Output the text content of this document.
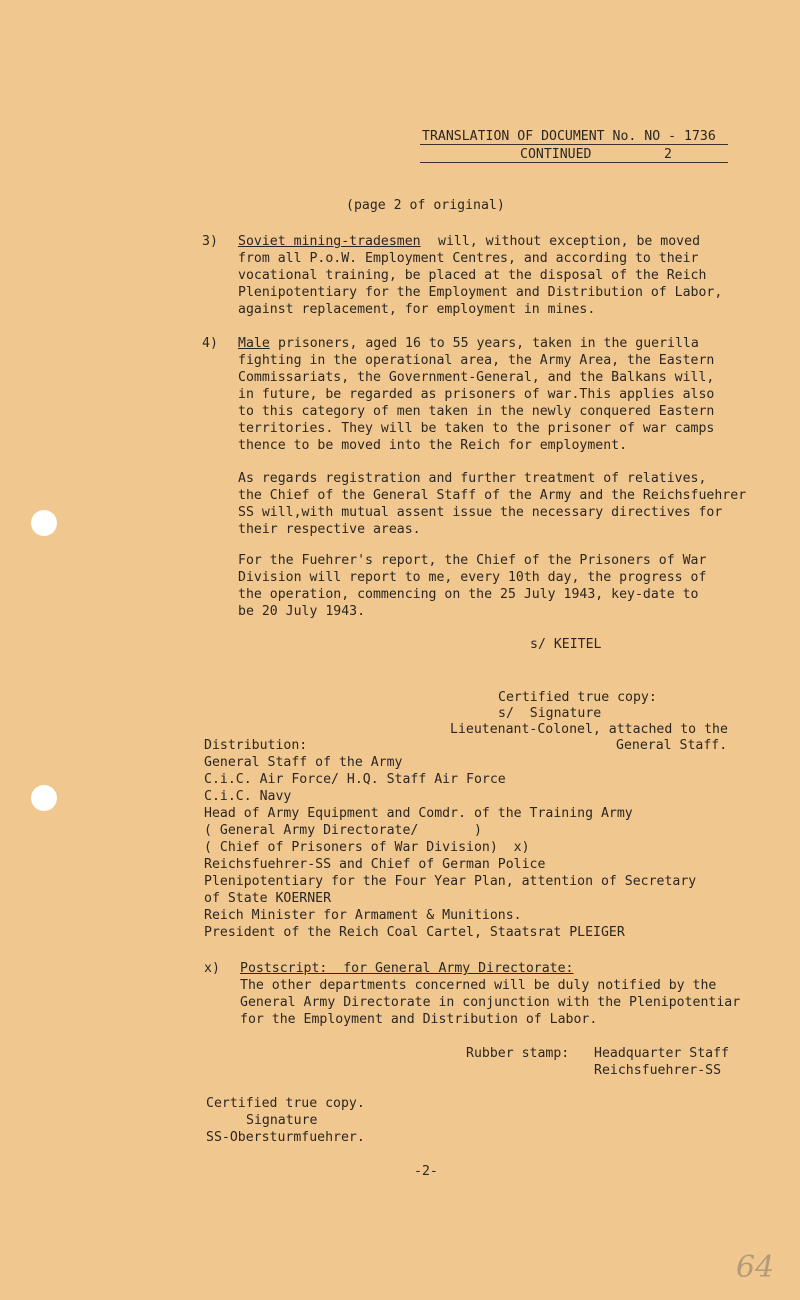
TRANSLATION OF DOCUMENT No. NO - 1736
CONTINUED	2
(page 2 of original)
3) Soviet mining-tradesmen will, without exception, be moved
from all P.o.W. Employment Centres, and according to their
vocational training, be placed at the disposal of the Reich
Plenipotentiary for the Employment and Distribution of Labor,
against replacement, for employment in mines.
4) Male prisoners, aged 16 to 55 years, taken in the guerilla
fighting in the operational area, the Army Area, the Eastern
Commissariats, the Government-General, and the Balkans will,
in future, be regarded as prisoners of war.This applies also
to this category of men taken in the newly conquered Eastern
territories. They will be taken to the prisoner of war camps
thence to be moved into the Reich for employment.
As regards registration and further treatment of relatives,
the Chief of the General Staff of the Army and the Reichsfuehrer
SS will,with mutual assent issue the necessary directives for
their respective areas.
For the Fuehrer's report, the Chief of the Prisoners of War
Division will report to me, every 10th day, the progress of
the operation, commencing on the 25 July 1943, key-date to
be 20 July 1943.
s/ KEITEL
Certified true copy:
s/  Signature
Lieutenant-Colonel, attached to the
General Staff.
Distribution:
General Staff of the Army
C.i.C. Air Force/ H.Q. Staff Air Force
C.i.C. Navy
Head of Army Equipment and Comdr. of the Training Army
( General Army Directorate/       )
( Chief of Prisoners of War Division)  x)
Reichsfuehrer-SS and Chief of German Police
Plenipotentiary for the Four Year Plan, attention of Secretary
of State KOERNER
Reich Minister for Armament & Munitions.
President of the Reich Coal Cartel, Staatsrat PLEIGER
x) Postscript:  for General Army Directorate:
The other departments concerned will be duly notified by the
General Army Directorate in conjunction with the Plenipotentiar
for the Employment and Distribution of Labor.
Rubber stamp: Headquarter Staff
Reichsfuehrer-SS
Certified true copy.
Signature
SS-Obersturmfuehrer.
-2-
64
